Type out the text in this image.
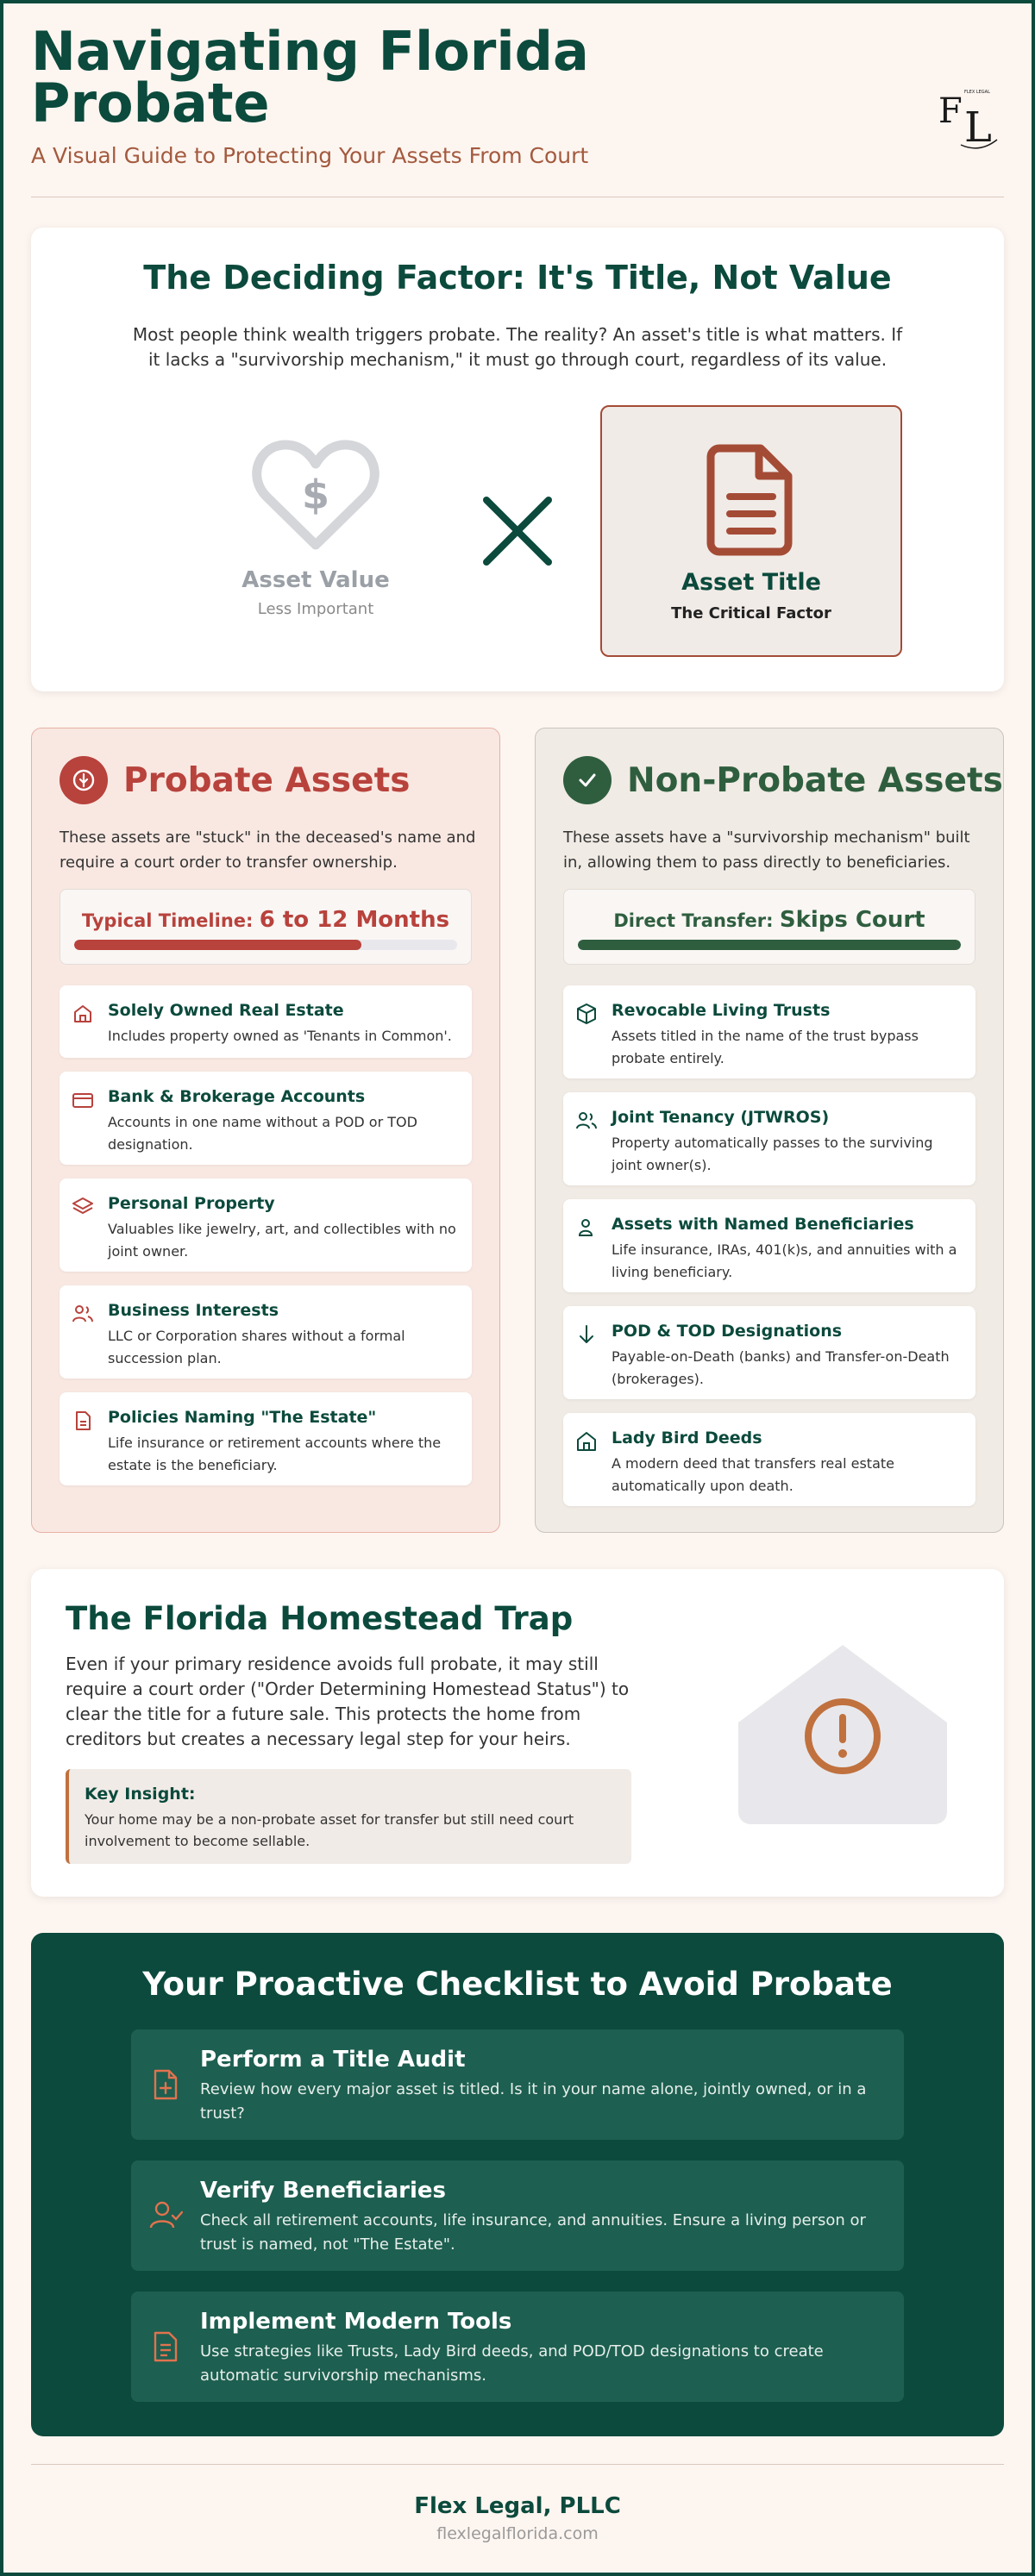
Navigating Florida Probate
A Visual Guide to Protecting Your Assets From Court
F L
FLEX LEGAL
The Deciding Factor: It's Title, Not Value
Most people think wealth triggers probate. The reality? An asset's title is what matters. If it lacks a "survivorship mechanism," it must go through court, regardless of its value.
$
Asset Value
Less Important
Asset Title
The Critical Factor
Probate Assets
These assets are "stuck" in the deceased's name and require a court order to transfer ownership.
Typical Timeline: 6 to 12 Months
Solely Owned Real Estate
Includes property owned as 'Tenants in Common'.
Bank & Brokerage Accounts
Accounts in one name without a POD or TOD designation.
Personal Property
Valuables like jewelry, art, and collectibles with no joint owner.
Business Interests
LLC or Corporation shares without a formal succession plan.
Policies Naming "The Estate"
Life insurance or retirement accounts where the estate is the beneficiary.
Non-Probate Assets
These assets have a "survivorship mechanism" built in, allowing them to pass directly to beneficiaries.
Direct Transfer: Skips Court
Revocable Living Trusts
Assets titled in the name of the trust bypass probate entirely.
Joint Tenancy (JTWROS)
Property automatically passes to the surviving joint owner(s).
Assets with Named Beneficiaries
Life insurance, IRAs, 401(k)s, and annuities with a living beneficiary.
POD & TOD Designations
Payable-on-Death (banks) and Transfer-on-Death (brokerages).
Lady Bird Deeds
A modern deed that transfers real estate automatically upon death.
The Florida Homestead Trap
Even if your primary residence avoids full probate, it may still require a court order ("Order Determining Homestead Status") to clear the title for a future sale. This protects the home from creditors but creates a necessary legal step for your heirs.
Key Insight:
Your home may be a non-probate asset for transfer but still need court involvement to become sellable.
Your Proactive Checklist to Avoid Probate
Perform a Title Audit
Review how every major asset is titled. Is it in your name alone, jointly owned, or in a trust?
Verify Beneficiaries
Check all retirement accounts, life insurance, and annuities. Ensure a living person or trust is named, not "The Estate".
Implement Modern Tools
Use strategies like Trusts, Lady Bird deeds, and POD/TOD designations to create automatic survivorship mechanisms.
Flex Legal, PLLC
flexlegalflorida.com
